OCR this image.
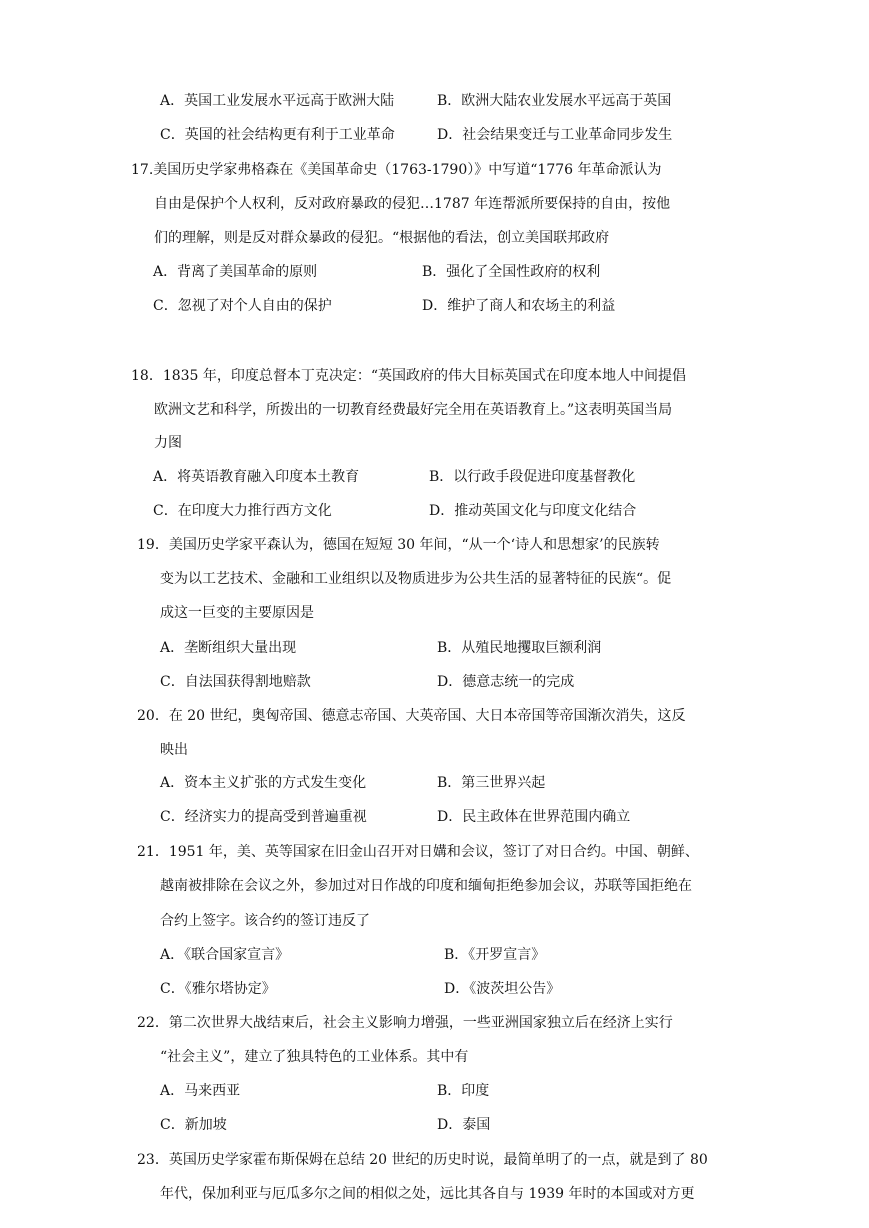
A．英国工业发展水平远高于欧洲大陆	B．欧洲大陆农业发展水平远高于英国
C．英国的社会结构更有利于工业革命	D．社会结果变迁与工业革命同步发生
17.美国历史学家弗格森在《美国革命史（1763-1790）》中写道“1776 年革命派认为
自由是保护个人权利，反对政府暴政的侵犯…1787 年连帮派所要保持的自由，按他
们的理解，则是反对群众暴政的侵犯。“根据他的看法，创立美国联邦政府
A．背离了美国革命的原则	B．强化了全国性政府的权利
C．忽视了对个人自由的保护	D．维护了商人和农场主的利益
18．1835 年，印度总督本丁克决定：“英国政府的伟大目标英国式在印度本地人中间提倡
欧洲文艺和科学，所拨出的一切教育经费最好完全用在英语教育上。”这表明英国当局
力图
A．将英语教育融入印度本土教育	B．以行政手段促进印度基督教化
C．在印度大力推行西方文化	D．推动英国文化与印度文化结合
19．美国历史学家平森认为，德国在短短 30 年间，“从一个‘诗人和思想家’的民族转
变为以工艺技术、金融和工业组织以及物质进步为公共生活的显著特征的民族“。促
成这一巨变的主要原因是
A．垄断组织大量出现	B．从殖民地攫取巨额利润
C．自法国获得割地赔款	D．德意志统一的完成
20．在 20 世纪，奥匈帝国、德意志帝国、大英帝国、大日本帝国等帝国渐次消失，这反
映出
A．资本主义扩张的方式发生变化	B．第三世界兴起
C．经济实力的提高受到普遍重视	D．民主政体在世界范围内确立
21．1951 年，美、英等国家在旧金山召开对日媾和会议，签订了对日合约。中国、朝鲜、
越南被排除在会议之外，参加过对日作战的印度和缅甸拒绝参加会议，苏联等国拒绝在
合约上签字。该合约的签订违反了
A．《联合国家宣言》	B．《开罗宣言》
C．《雅尔塔协定》	D．《波茨坦公告》
22．第二次世界大战结束后，社会主义影响力增强，一些亚洲国家独立后在经济上实行
“社会主义”，建立了独具特色的工业体系。其中有
A．马来西亚	B．印度
C．新加坡	D．泰国
23．英国历史学家霍布斯保姆在总结 20 世纪的历史时说，最简单明了的一点，就是到了 80
年代，保加利亚与厄瓜多尔之间的相似之处，远比其各自与 1939 年时的本国或对方更
